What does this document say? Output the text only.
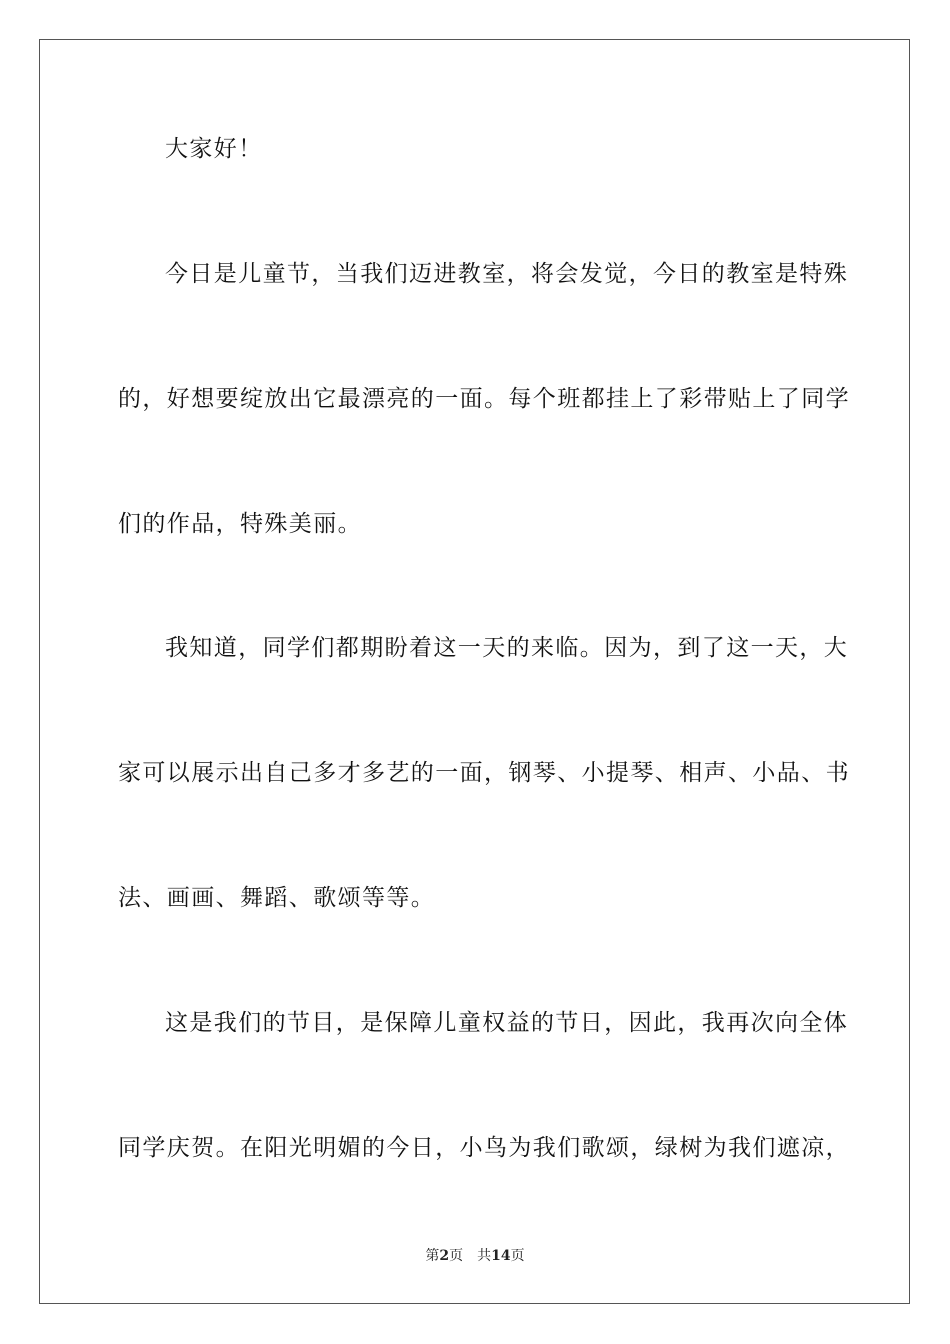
大家好！
今日是儿童节，当我们迈进教室，将会发觉，今日的教室是特殊
的，好想要绽放出它最漂亮的一面。每个班都挂上了彩带贴上了同学
们的作品，特殊美丽。
我知道，同学们都期盼着这一天的来临。因为，到了这一天，大
家可以展示出自己多才多艺的一面，钢琴、小提琴、相声、小品、书
法、画画、舞蹈、歌颂等等。
这是我们的节目，是保障儿童权益的节日，因此，我再次向全体
同学庆贺。在阳光明媚的今日，小鸟为我们歌颂，绿树为我们遮凉，
第2页 共14页
